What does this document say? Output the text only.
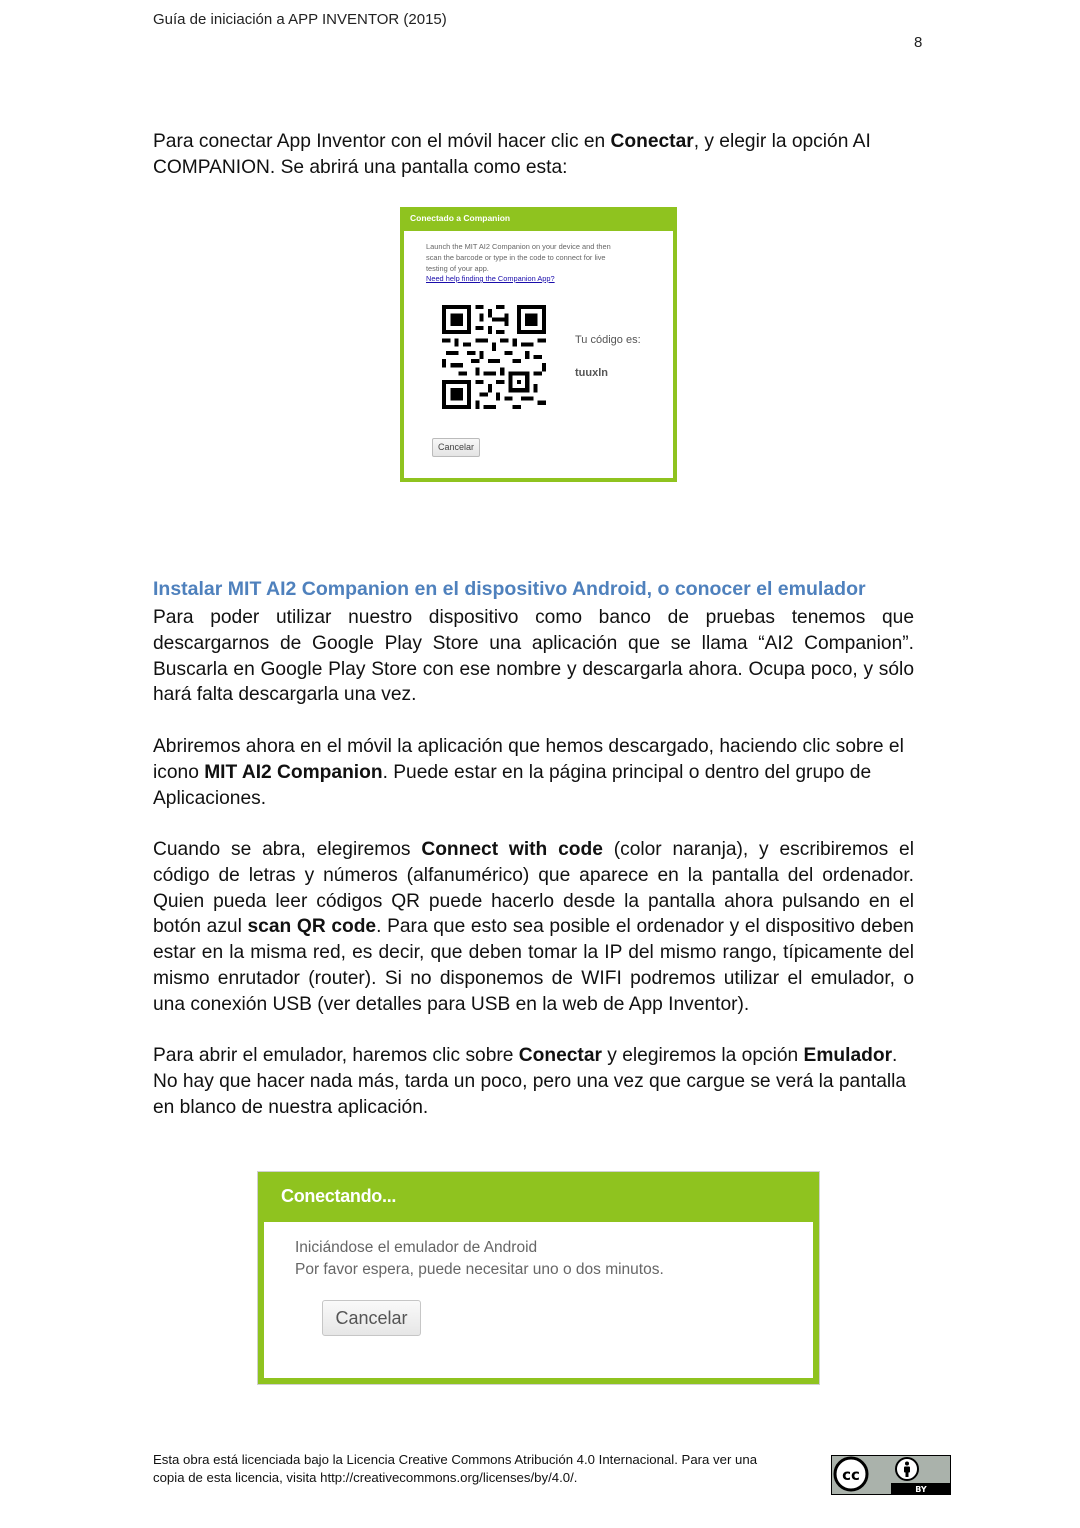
Guía de iniciación a APP INVENTOR (2015)
8
Para conectar App Inventor con el móvil hacer clic en Conectar, y elegir la opción AI COMPANION. Se abrirá una pantalla como esta:
Conectado a Companion
Launch the MIT AI2 Companion on your device and then scan the barcode or type in the code to connect for live testing of your app.
Need help finding the Companion App?
Tu código es:
tuuxln
Cancelar
Instalar MIT AI2 Companion en el dispositivo Android, o conocer el emulador
Para poder utilizar nuestro dispositivo como banco de pruebas tenemos que descargarnos de Google Play Store una aplicación que se llama “AI2 Companion”. Buscarla en Google Play Store con ese nombre y descargarla ahora. Ocupa poco, y sólo hará falta descargarla una vez.
Abriremos ahora en el móvil la aplicación que hemos descargado, haciendo clic sobre el icono MIT AI2 Companion. Puede estar en la página principal o dentro del grupo de Aplicaciones.
Cuando se abra, elegiremos Connect with code (color naranja), y escribiremos el código de letras y números (alfanumérico) que aparece en la pantalla del ordenador. Quien pueda leer códigos QR puede hacerlo desde la pantalla ahora pulsando en el botón azul scan QR code. Para que esto sea posible el ordenador y el dispositivo deben estar en la misma red, es decir, que deben tomar la IP del mismo rango, típicamente del mismo enrutador (router). Si no disponemos de WIFI podremos utilizar el emulador, o una conexión USB (ver detalles para USB en la web de App Inventor).
Para abrir el emulador, haremos clic sobre Conectar y elegiremos la opción Emulador. No hay que hacer nada más, tarda un poco, pero una vez que cargue se verá la pantalla en blanco de nuestra aplicación.
Conectando...
Iniciándose el emulador de Android
Por favor espera, puede necesitar uno o dos minutos.
Cancelar
Esta obra está licenciada bajo la Licencia Creative Commons Atribución 4.0 Internacional. Para ver una
copia de esta licencia, visita http://creativecommons.org/licenses/by/4.0/.
BY
cc
